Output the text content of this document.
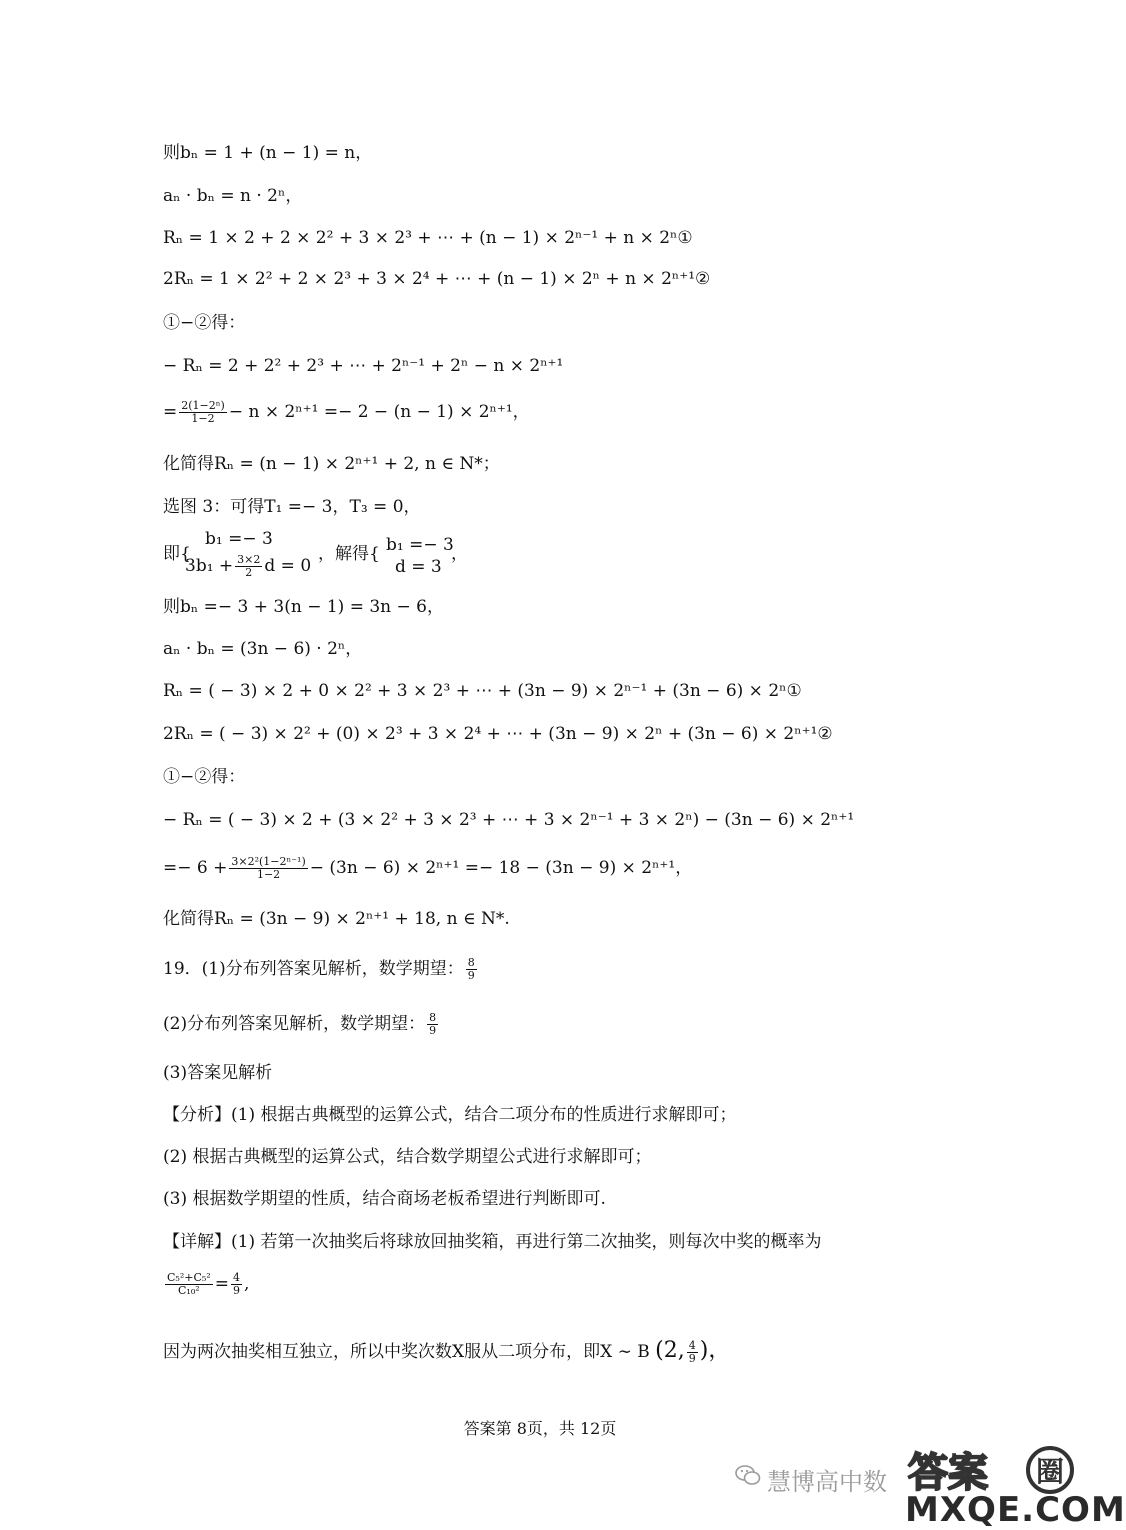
则bₙ = 1 + (n − 1) = n，
aₙ · bₙ = n · 2ⁿ，
Rₙ = 1 × 2 + 2 × 2² + 3 × 2³ + ⋯ + (n − 1) × 2ⁿ⁻¹ + n × 2ⁿ①
2Rₙ = 1 × 2² + 2 × 2³ + 3 × 2⁴ + ⋯ + (n − 1) × 2ⁿ + n × 2ⁿ⁺¹②
①−②得：
− Rₙ = 2 + 2² + 2³ + ⋯ + 2ⁿ⁻¹ + 2ⁿ − n × 2ⁿ⁺¹
= $\frac{\text{2(1−2ⁿ)}}{1-2} - n \times 2^{n+1} =- 2 - (n - 1) \times 2^{n+1}$，
化简得Rₙ = (n − 1) × 2ⁿ⁺¹ + 2, n ∈ N*；
选图 3：可得T₁ =− 3，T₃ = 0，
即{
b₁ =− 3
$3b_1 + \frac{3\times 2}{2}$ d = 0
，解得{ b₁ =− 3
d = 3
，
则bₙ =− 3 + 3(n − 1) = 3n − 6，
aₙ · bₙ = (3n − 6) · 2ⁿ，
Rₙ = ( − 3) × 2 + 0 × 2² + 3 × 2³ + ⋯ + (3n − 9) × 2ⁿ⁻¹ + (3n − 6) × 2ⁿ①
2Rₙ = ( − 3) × 2² + (0) × 2³ + 3 × 2⁴ + ⋯ + (3n − 9) × 2ⁿ + (3n − 6) × 2ⁿ⁺¹②
①−②得：
− Rₙ = ( − 3) × 2 + (3 × 2² + 3 × 2³ + ⋯ + 3 × 2ⁿ⁻¹ + 3 × 2ⁿ) − (3n − 6) × 2ⁿ⁺¹
=− $6 + \frac{\text{3×2²(1−2ⁿ⁻¹)}}{1-2} - (3n - 6) \times 2^{n+1} =- 18 - (3n - 9) \times 2^{n+1}$，
化简得Rₙ = (3n − 9) × 2ⁿ⁺¹ + 18, n ∈ N*.
19．(1)分布列答案见解析，数学期望： $\frac{8}{9}$
(2)分布列答案见解析，数学期望： $\frac{8}{9}$
(3)答案见解析
【分析】(1) 根据古典概型的运算公式，结合二项分布的性质进行求解即可；
(2) 根据古典概型的运算公式，结合数学期望公式进行求解即可；
(3) 根据数学期望的性质，结合商场老板希望进行判断即可.
【详解】(1) 若第一次抽奖后将球放回抽奖箱，再进行第二次抽奖，则每次中奖的概率为
$\frac{\text{C₅²+C₅²}}{\text{C₁₀²}} = \frac{4}{9}$ ,
因为两次抽奖相互独立，所以中奖次数X服从二项分布，即X ∼ B (2, $\frac{4}{9}$ )，
答案第 8页，共 12页
慧博高中数 答案 圈
MXQE.COM
